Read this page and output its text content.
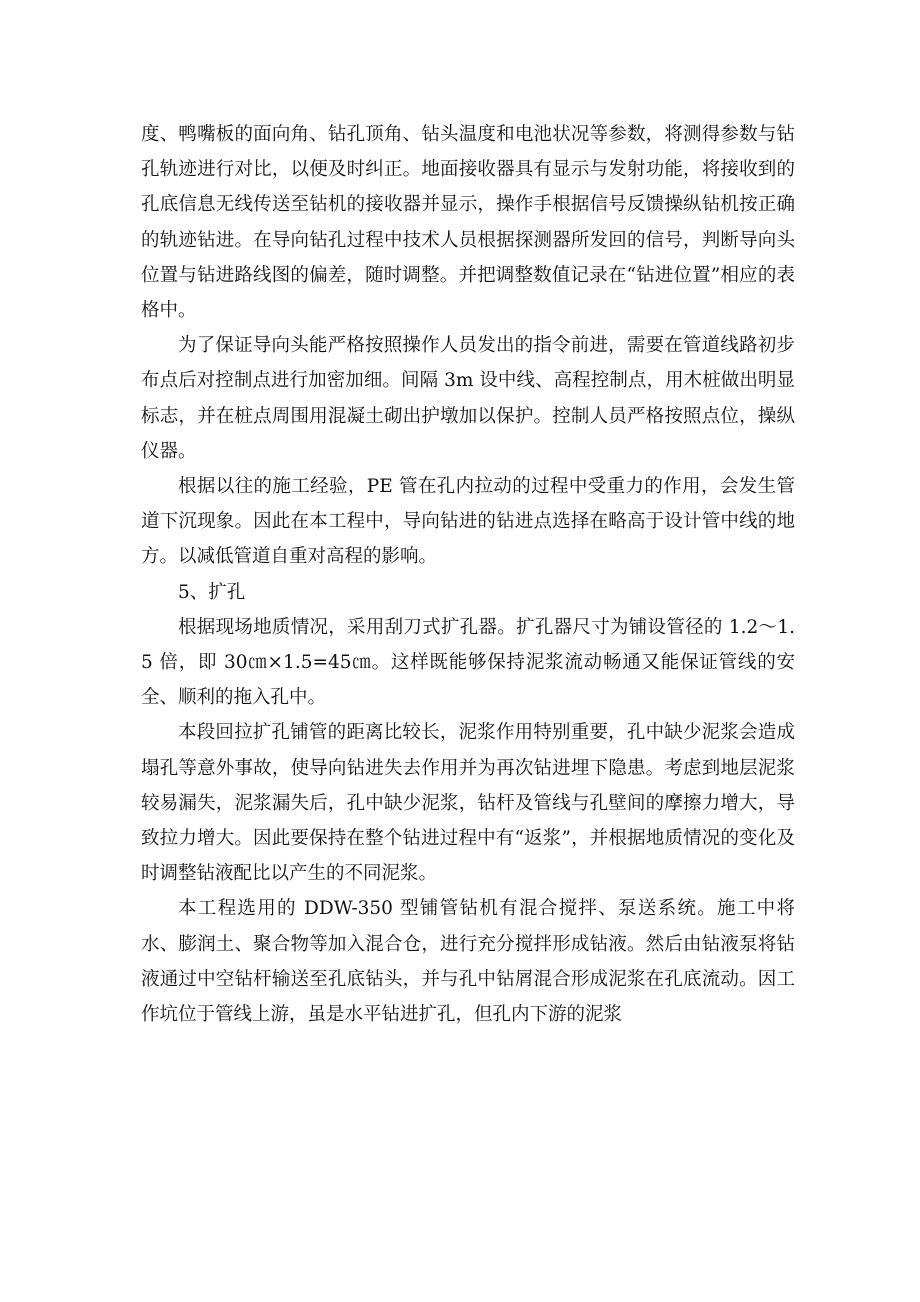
度、鸭嘴板的面向角、钻孔顶角、钻头温度和电池状况等参数，将测得参数与钻孔轨迹进行对比，以便及时纠正。地面接收器具有显示与发射功能，将接收到的孔底信息无线传送至钻机的接收器并显示，操作手根据信号反馈操纵钻机按正确的轨迹钻进。在导向钻孔过程中技术人员根据探测器所发回的信号，判断导向头位置与钻进路线图的偏差，随时调整。并把调整数值记录在“钻进位置”相应的表格中。

为了保证导向头能严格按照操作人员发出的指令前进，需要在管道线路初步布点后对控制点进行加密加细。间隔 3m 设中线、高程控制点，用木桩做出明显标志，并在桩点周围用混凝土砌出护墩加以保护。控制人员严格按照点位，操纵仪器。

根据以往的施工经验，PE 管在孔内拉动的过程中受重力的作用，会发生管道下沉现象。因此在本工程中，导向钻进的钻进点选择在略高于设计管中线的地方。以减低管道自重对高程的影响。

5、扩孔

根据现场地质情况，采用刮刀式扩孔器。扩孔器尺寸为铺设管径的 1.2～1.5 倍，即 30㎝×1.5=45㎝。这样既能够保持泥浆流动畅通又能保证管线的安全、顺利的拖入孔中。

本段回拉扩孔铺管的距离比较长，泥浆作用特别重要，孔中缺少泥浆会造成塌孔等意外事故，使导向钻进失去作用并为再次钻进埋下隐患。考虑到地层泥浆较易漏失，泥浆漏失后，孔中缺少泥浆，钻杆及管线与孔壁间的摩擦力增大，导致拉力增大。因此要保持在整个钻进过程中有“返浆”，并根据地质情况的变化及时调整钻液配比以产生的不同泥浆。

本工程选用的 DDW-350 型铺管钻机有混合搅拌、泵送系统。施工中将水、膨润土、聚合物等加入混合仓，进行充分搅拌形成钻液。然后由钻液泵将钻液通过中空钻杆输送至孔底钻头，并与孔中钻屑混合形成泥浆在孔底流动。因工作坑位于管线上游，虽是水平钻进扩孔，但孔内下游的泥浆
